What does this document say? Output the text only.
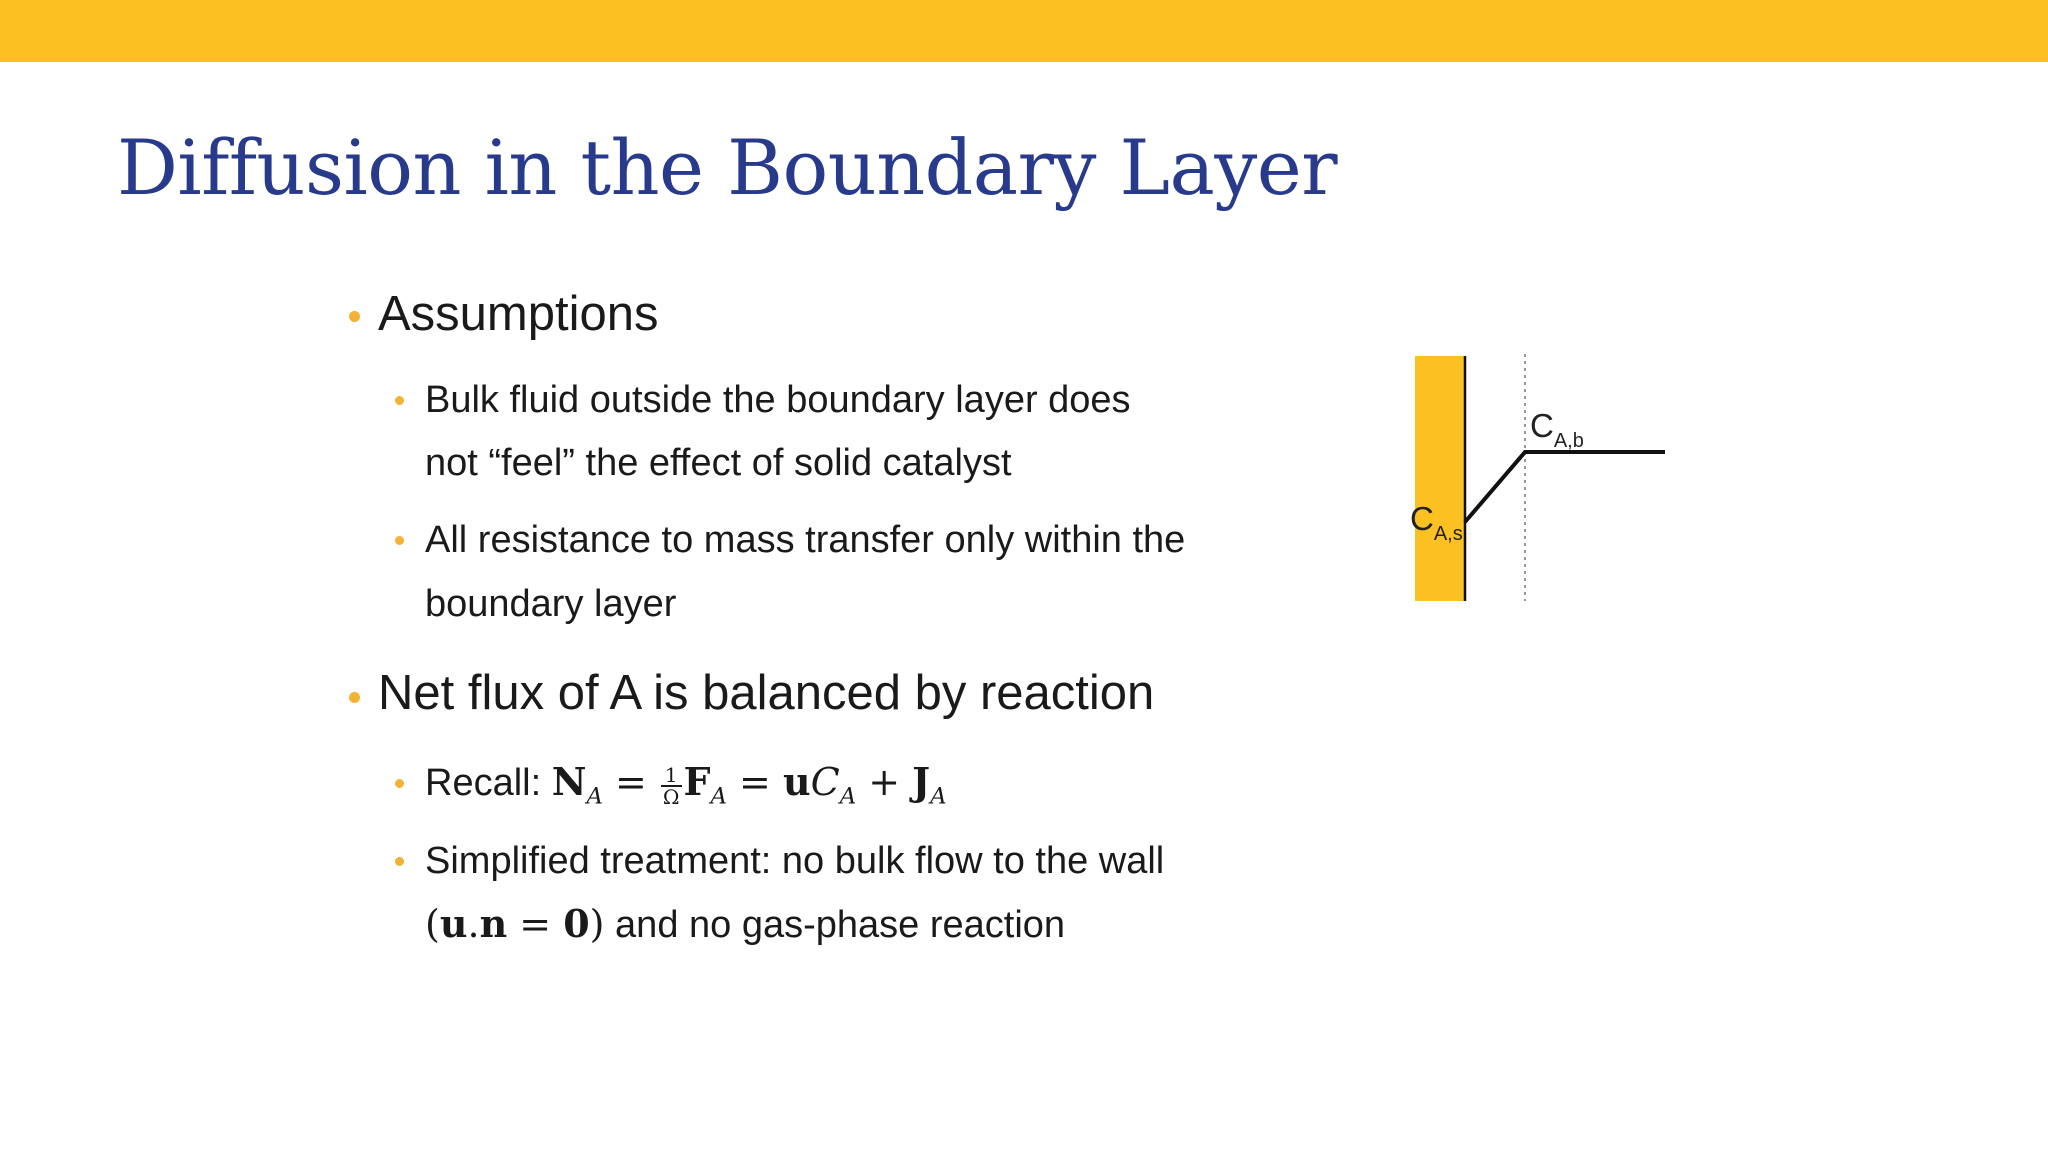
Diffusion in the Boundary Layer
Assumptions
Bulk fluid outside the boundary layer does
not “feel” the effect of solid catalyst
All resistance to mass transfer only within the
boundary layer
Net flux of A is balanced by reaction
Recall: $N_A = \frac{1}{\Omega} F_A = uC_A + J_A$
Simplified treatment: no bulk flow to the wall
(u.n = 0) and no gas-phase reaction
$C_{A,b}$
$C_{A,s}$
